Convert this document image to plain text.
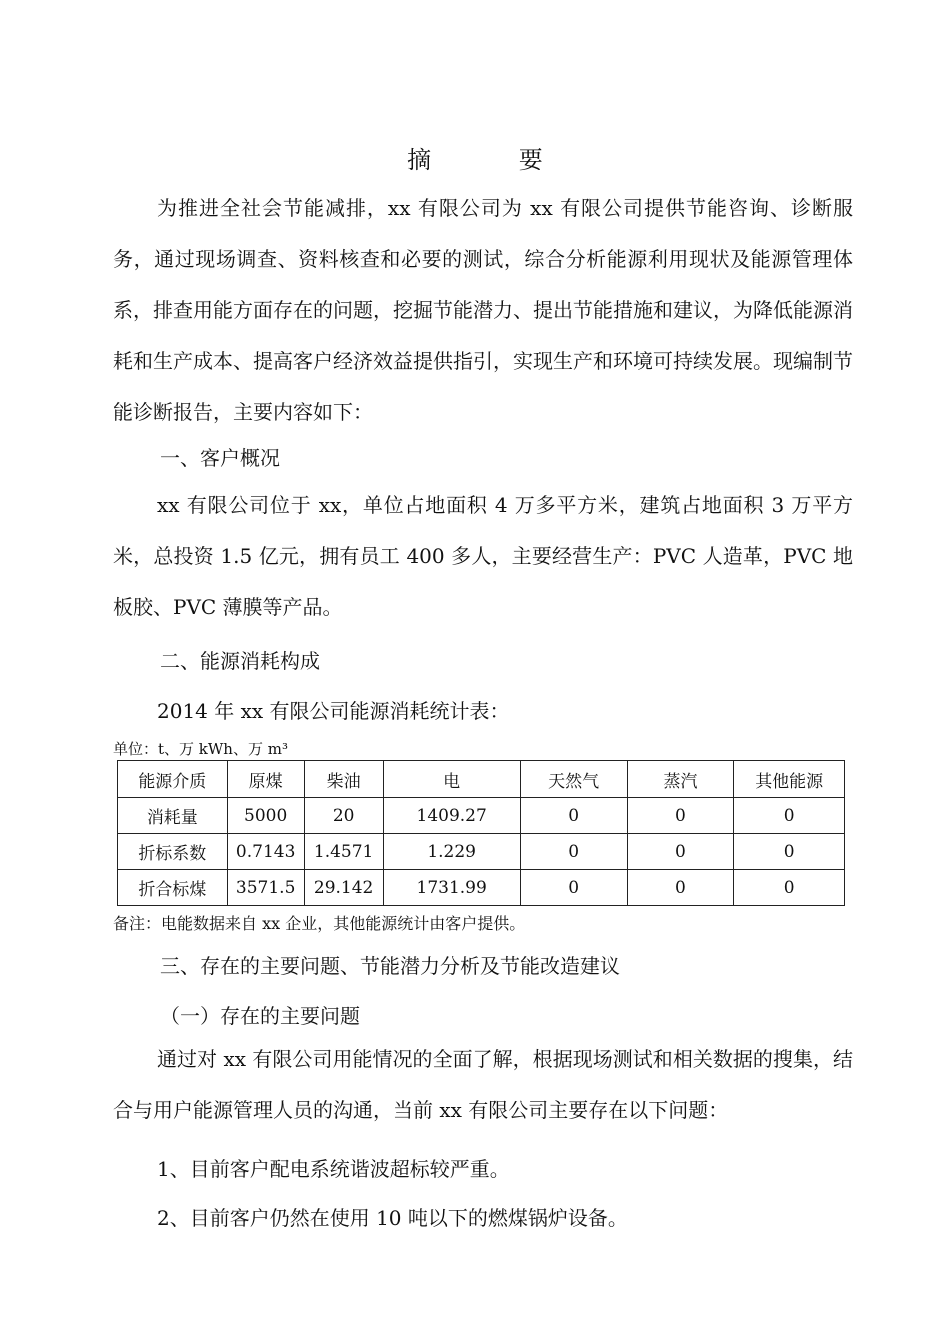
摘 要

为推进全社会节能减排，xx 有限公司为 xx 有限公司提供节能咨询、诊断服务，通过现场调查、资料核查和必要的测试，综合分析能源利用现状及能源管理体系，排查用能方面存在的问题，挖掘节能潜力、提出节能措施和建议，为降低能源消耗和生产成本、提高客户经济效益提供指引，实现生产和环境可持续发展。现编制节能诊断报告，主要内容如下：

一、客户概况

xx 有限公司位于 xx，单位占地面积 4 万多平方米，建筑占地面积 3 万平方米，总投资 1.5 亿元，拥有员工 400 多人，主要经营生产：PVC 人造革，PVC 地板胶、PVC 薄膜等产品。

二、能源消耗构成
2014 年 xx 有限公司能源消耗统计表：
单位：t、万 kWh、万 m³
能源介质	原煤	柴油	电	天然气	蒸汽	其他能源
消耗量	5000	20	1409.27	0	0	0
折标系数	0.7143	1.4571	1.229	0	0	0
折合标煤	3571.5	29.142	1731.99	0	0	0
备注：电能数据来自 xx 企业，其他能源统计由客户提供。
三、存在的主要问题、节能潜力分析及节能改造建议
（一）存在的主要问题

通过对 xx 有限公司用能情况的全面了解，根据现场测试和相关数据的搜集，结合与用户能源管理人员的沟通，当前 xx 有限公司主要存在以下问题：

1、目前客户配电系统谐波超标较严重。
2、目前客户仍然在使用 10 吨以下的燃煤锅炉设备。
